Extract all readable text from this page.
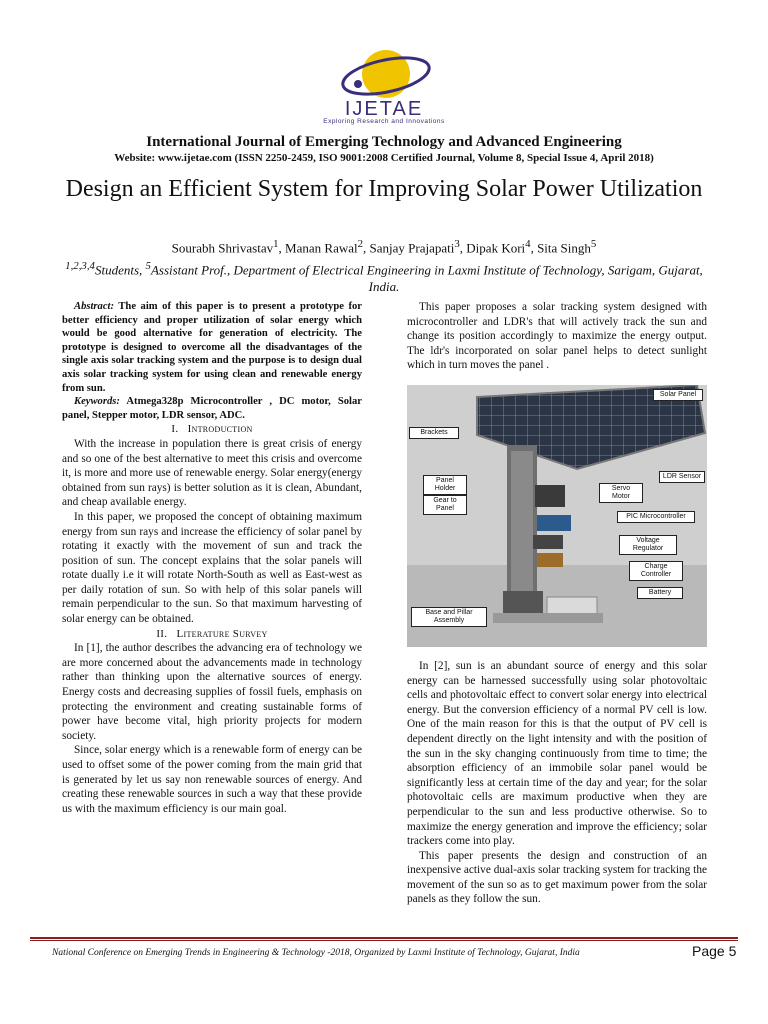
IJETAE
Exploring Research and Innovations
International Journal of Emerging Technology and Advanced Engineering
Website: www.ijetae.com (ISSN 2250-2459, ISO 9001:2008 Certified Journal, Volume 8, Special Issue 4, April 2018)
Design an Efficient System for Improving Solar Power Utilization
Sourabh Shrivastav$^1$, Manan Rawal$^2$, Sanjay Prajapati$^3$, Dipak Kori$^4$, Sita Singh$^5$
$^{1,2,3,4}$Students, $^5$Assistant Prof., Department of Electrical Engineering in Laxmi Institute of Technology, Sarigam, Gujarat, India.

Abstract: The aim of this paper is to present a prototype for better efficiency and proper utilization of solar energy which would be good alternative for generation of electricity. The prototype is designed to overcome all the disadvantages of the single axis solar tracking system and the purpose is to design dual axis solar tracking system for using clean and renewable energy from sun.

Keywords: Atmega328p Microcontroller , DC motor, Solar panel, Stepper motor, LDR sensor, ADC.

I. Introduction

With the increase in population there is great crisis of energy and so one of the best alternative to meet this crisis and overcome it, is more and more use of renewable energy. Solar energy(energy obtained from sun rays) is better solution as it is clean, Abundant, and cheap available energy.

In this paper, we proposed the concept of obtaining maximum energy from sun rays and increase the efficiency of solar panel by rotating it exactly with the movement of sun and track the position of sun. The concept explains that the solar panels will rotate dually i.e it will rotate North-South as well as East-west as per daily rotation of sun. So with help of this solar panels will remain perpendicular to the sun. So that maximum harvesting of solar energy can be obtained.

II. Literature Survey

In [1], the author describes the advancing era of technology we are more concerned about the advancements made in technology rather than thinking upon the alternative sources of energy. Energy costs and decreasing supplies of fossil fuels, emphasis on protecting the environment and creating sustainable forms of power have become vital, high priority projects for modern society.

Since, solar energy which is a renewable form of energy can be used to offset some of the power coming from the main grid that is generated by let us say non renewable sources of energy. And creating these renewable sources in such a way that these provide us with the maximum efficiency is our main goal.

This paper proposes a solar tracking system designed with microcontroller and LDR's that will actively track the sun and change its position accordingly to maximize the energy output. The ldr's incorporated on solar panel helps to detect sunlight which in turn moves the panel .

Solar Panel
Brackets
LDR Sensor
Panel Holder	Servo Motor
Gear to Panel
PIC Microcontroller
Voltage Regulator
Charge Controller
Battery
Base and Pillar Assembly

In [2], sun is an abundant source of energy and this solar energy can be harnessed successfully using solar photovoltaic cells and photovoltaic effect to convert solar energy into electrical energy. But the conversion efficiency of a normal PV cell is low. One of the main reason for this is that the output of PV cell is dependent directly on the light intensity and with the position of the sun in the sky changing continuously from time to time; the absorption efficiency of an immobile solar panel would be significantly less at certain time of the day and year; for the solar photovoltaic cells are maximum productive when they are perpendicular to the sun and less productive otherwise. So to maximize the energy generation and improve the efficiency; solar trackers come into play.

This paper presents the design and construction of an inexpensive active dual-axis solar tracking system for tracking the movement of the sun so as to get maximum power from the solar panels as they follow the sun.

National Conference on Emerging Trends in Engineering & Technology -2018, Organized by Laxmi Institute of Technology, Gujarat, India	Page 5
